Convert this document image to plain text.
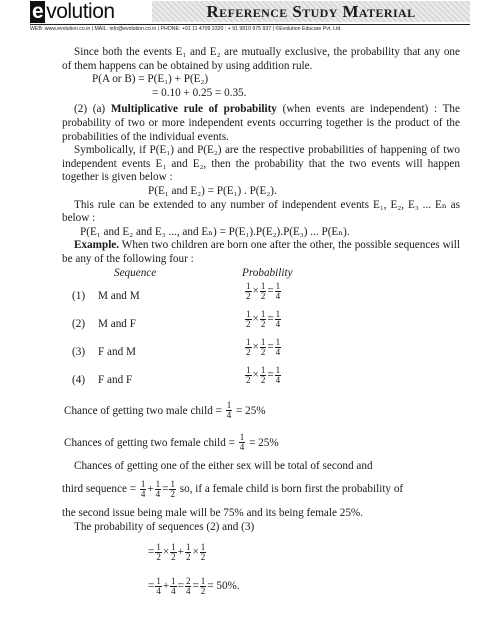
e volution	Reference Study Material
WEB: www.evolution.co.in | MAIL: info@evolution.co.in | PHONE: +91 11 4709 2320 ; + 91 9810 975 937 | ©Evolution Educare Pvt. Ltd.

Since both the events E₁ and E₂ are mutually exclusive, the probability that any one of them happens can be obtained by using addition rule.

P(A or B) = P(E₁) + P(E₂)

= 0.10 + 0.25 = 0.35.

(2) (a) Multiplicative rule of probability (when events are independent) : The probability of two or more independent events occurring together is the product of the probabilities of the individual events.

Symbolically, if P(E₁) and P(E₂) are the respective probabilities of happening of two independent events E₁ and E₂, then the probability that the two events will happen together is given below :

P(E₁ and E₂) = P(E₁) . P(E₂).

This rule can be extended to any number of independent events E₁, E₂, E₃ ... Eₙ as below :

P(E₁ and E₂ and E₃ ..., and Eₙ) = P(E₁).P(E₂).P(E₃) ... P(Eₙ).

Example. When two children are born one after the other, the possible sequences will be any of the following four :

Sequence	Probability
(1) M and M	$\frac{1}{2} \times \frac{1}{2} = \frac{1}{4}$
(2) M and F	$\frac{1}{2} \times \frac{1}{2} = \frac{1}{4}$
(3) F and M	$\frac{1}{2} \times \frac{1}{2} = \frac{1}{4}$
(4) F and F	$\frac{1}{2} \times \frac{1}{2} = \frac{1}{4}$

Chance of getting two male child = $\frac{1}{4} = 25\%$

Chances of getting two female child = $\frac{1}{4} = 25\%$

Chances of getting one of the either sex will be total of second and

third sequence = $\frac{1}{4} + \frac{1}{4} = \frac{1}{2}$ so, if a female child is born first the probability of

the second issue being male will be 75% and its being female 25%.

The probability of sequences (2) and (3)

= $\frac{1}{2} \times \frac{1}{2} + \frac{1}{2} \times \frac{1}{2}$

= $\frac{1}{4} + \frac{1}{4} = \frac{2}{4} = \frac{1}{2} = 50\%$.
